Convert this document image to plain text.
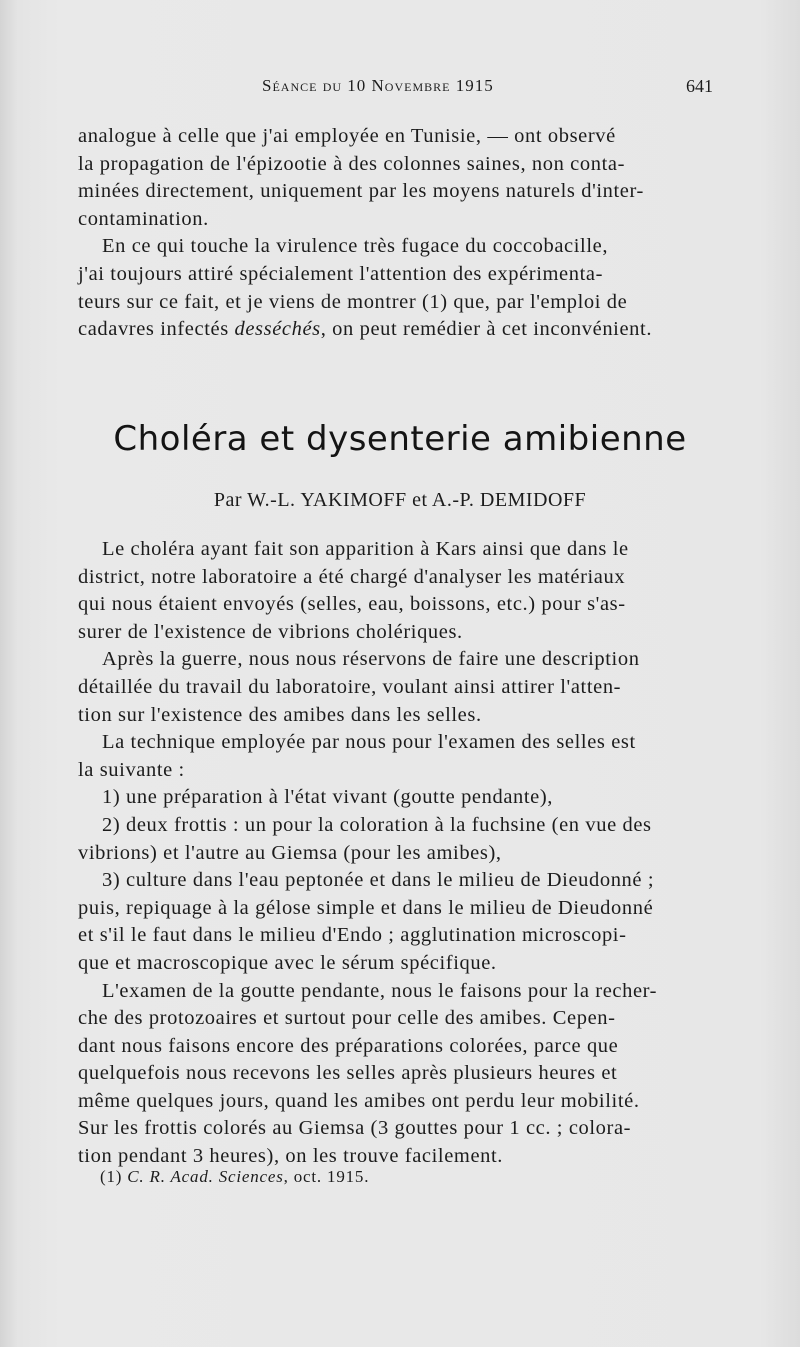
Séance du 10 Novembre 1915	641

analogue à celle que j'ai employée en Tunisie, — ont observé
la propagation de l'épizootie à des colonnes saines, non conta-
minées directement, uniquement par les moyens naturels d'inter-
contamination.

En ce qui touche la virulence très fugace du coccobacille,
j'ai toujours attiré spécialement l'attention des expérimenta-
teurs sur ce fait, et je viens de montrer (1) que, par l'emploi de
cadavres infectés desséchés, on peut remédier à cet inconvénient.

Choléra et dysenterie amibienne
Par W.-L. YAKIMOFF et A.-P. DEMIDOFF

Le choléra ayant fait son apparition à Kars ainsi que dans le
district, notre laboratoire a été chargé d'analyser les matériaux
qui nous étaient envoyés (selles, eau, boissons, etc.) pour s'as-
surer de l'existence de vibrions cholériques.

Après la guerre, nous nous réservons de faire une description
détaillée du travail du laboratoire, voulant ainsi attirer l'atten-
tion sur l'existence des amibes dans les selles.

La technique employée par nous pour l'examen des selles est
la suivante :

1) une préparation à l'état vivant (goutte pendante),

2) deux frottis : un pour la coloration à la fuchsine (en vue des
vibrions) et l'autre au Giemsa (pour les amibes),

3) culture dans l'eau peptonée et dans le milieu de Dieudonné ;
puis, repiquage à la gélose simple et dans le milieu de Dieudonné
et s'il le faut dans le milieu d'Endo ; agglutination microscopi-
que et macroscopique avec le sérum spécifique.

L'examen de la goutte pendante, nous le faisons pour la recher-
che des protozoaires et surtout pour celle des amibes. Cepen-
dant nous faisons encore des préparations colorées, parce que
quelquefois nous recevons les selles après plusieurs heures et
même quelques jours, quand les amibes ont perdu leur mobilité.
Sur les frottis colorés au Giemsa (3 gouttes pour 1 cc. ; colora-
tion pendant 3 heures), on les trouve facilement.

(1) C. R. Acad. Sciences, oct. 1915.
